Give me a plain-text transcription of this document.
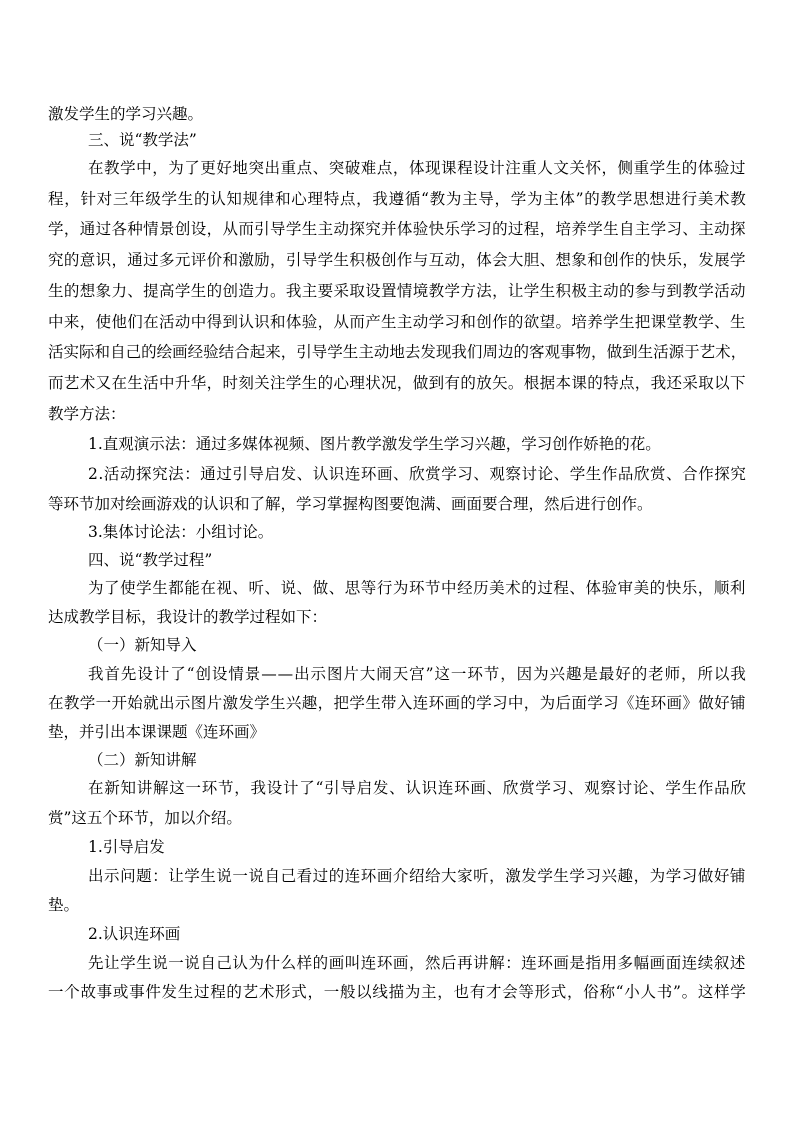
激发学生的学习兴趣。

三、说“教学法”

在 教 学 中 ， 为 了 更 好 地 突 出 重 点 、 突 破 难 点 ， 体 现 课 程 设 计 注 重 人 文 关 怀 ， 侧 重 学 生 的 体 验 过

程 ， 针 对 三 年 级 学 生 的 认 知 规 律 和 心 理 特 点 ， 我 遵 循 “ 教 为 主 导 ， 学 为 主 体 ” 的 教 学 思 想 进 行 美 术 教

学 ， 通 过 各 种 情 景 创 设 ， 从 而 引 导 学 生 主 动 探 究 并 体 验 快 乐 学 习 的 过 程 ， 培 养 学 生 自 主 学 习 、 主 动 探

究 的 意 识 ， 通 过 多 元 评 价 和 激 励 ， 引 导 学 生 积 极 创 作 与 互 动 ， 体 会 大 胆 、 想 象 和 创 作 的 快 乐 ， 发 展 学

生 的 想 象 力 、 提 高 学 生 的 创 造 力 。 我 主 要 采 取 设 置 情 境 教 学 方 法 ， 让 学 生 积 极 主 动 的 参 与 到 教 学 活 动

中 来 ， 使 他 们 在 活 动 中 得 到 认 识 和 体 验 ， 从 而 产 生 主 动 学 习 和 创 作 的 欲 望 。 培 养 学 生 把 课 堂 教 学 、 生

活 实 际 和 自 己 的 绘 画 经 验 结 合 起 来 ， 引 导 学 生 主 动 地 去 发 现 我 们 周 边 的 客 观 事 物 ， 做 到 生 活 源 于 艺 术 ，

而 艺 术 又 在 生 活 中 升 华 ， 时 刻 关 注 学 生 的 心 理 状 况 ， 做 到 有 的 放 矢 。 根 据 本 课 的 特 点 ， 我 还 采 取 以 下

教学方法：

1.直观演示法：通过多媒体视频、图片教学激发学生学习兴趣，学习创作娇艳的花。

2 . 活 动 探 究 法 ： 通 过 引 导 启 发 、 认 识 连 环 画 、 欣 赏 学 习 、 观 察 讨 论 、 学 生 作 品 欣 赏 、 合 作 探 究

等环节加对绘画游戏的认识和了解，学习掌握构图要饱满、画面要合理，然后进行创作。

3.集体讨论法：小组讨论。

四、说“教学过程”

为 了 使 学 生 都 能 在 视 、 听 、 说 、 做 、 思 等 行 为 环 节 中 经 历 美 术 的 过 程 、 体 验 审 美 的 快 乐 ， 顺 利

达成教学目标，我设计的教学过程如下：

（一）新知导入

我 首 先 设 计 了 “ 创 设 情 景 — — 出 示 图 片 大 闹 天 宫 ” 这 一 环 节 ， 因 为 兴 趣 是 最 好 的 老 师 ， 所 以 我

在 教 学 一 开 始 就 出 示 图 片 激 发 学 生 兴 趣 ， 把 学 生 带 入 连 环 画 的 学 习 中 ， 为 后 面 学 习 《 连 环 画 》 做 好 铺

垫，并引出本课课题《连环画》

（二）新知讲解

在 新 知 讲 解 这 一 环 节 ， 我 设 计 了 “ 引 导 启 发 、 认 识 连 环 画 、 欣 赏 学 习 、 观 察 讨 论 、 学 生 作 品 欣

赏”这五个环节，加以介绍。

1.引导启发

出 示 问 题 ： 让 学 生 说 一 说 自 己 看 过 的 连 环 画 介 绍 给 大 家 听 ， 激 发 学 生 学 习 兴 趣 ， 为 学 习 做 好 铺

垫。

2.认识连环画

先 让 学 生 说 一 说 自 己 认 为 什 么 样 的 画 叫 连 环 画 ， 然 后 再 讲 解 ： 连 环 画 是 指 用 多 幅 画 面 连 续 叙 述

一 个 故 事 或 事 件 发 生 过 程 的 艺 术 形 式 ， 一 般 以 线 描 为 主 ， 也 有 才 会 等 形 式 ， 俗 称 “ 小 人 书 ” 。 这 样 学
